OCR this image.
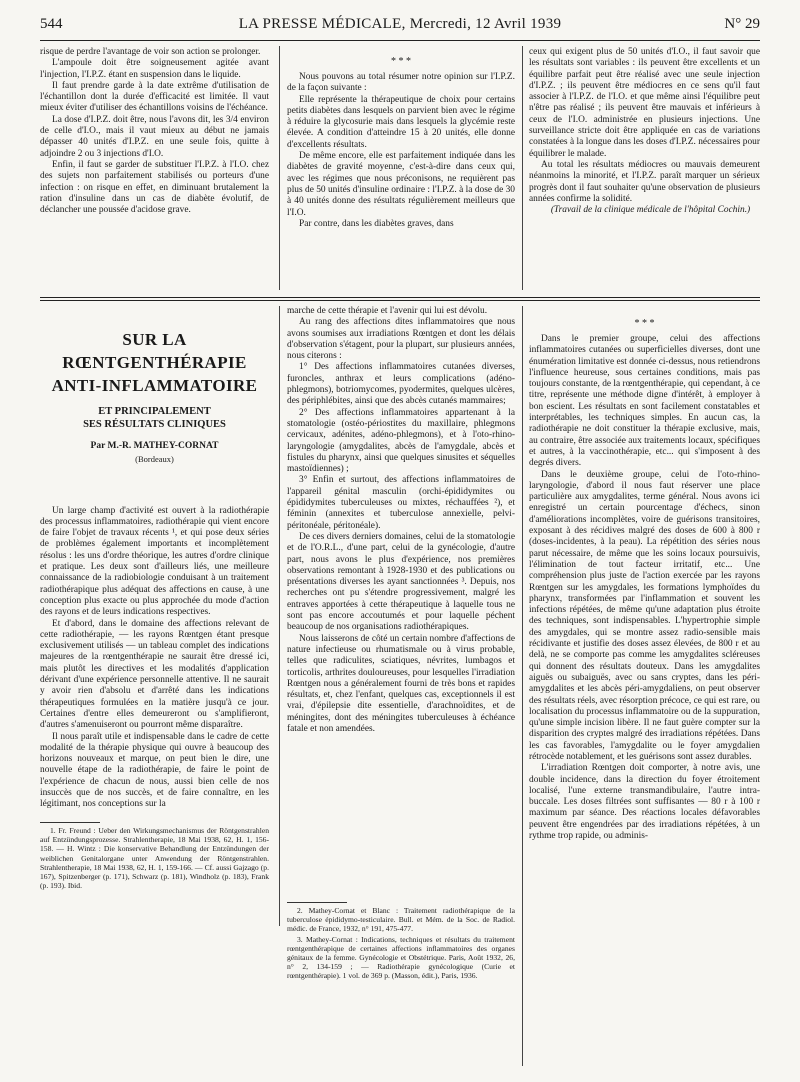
544	LA PRESSE MÉDICALE, Mercredi, 12 Avril 1939	N° 29

risque de perdre l'avantage de voir son action se prolonger.

L'ampoule doit être soigneusement agitée avant l'injection, l'I.P.Z. étant en suspension dans le liquide.

Il faut prendre garde à la date extrême d'utilisation de l'échantillon dont la durée d'efficacité est limitée. Il vaut mieux éviter d'utiliser des échantillons voisins de l'échéance.

La dose d'I.P.Z. doit être, nous l'avons dit, les 3/4 environ de celle d'I.O., mais il vaut mieux au début ne jamais dépasser 40 unités d'I.P.Z. en une seule fois, quitte à adjoindre 2 ou 3 injections d'I.O.

Enfin, il faut se garder de substituer l'I.P.Z. à l'I.O. chez des sujets non parfaitement stabilisés ou porteurs d'une infection : on risque en effet, en diminuant brutalement la ration d'insuline dans un cas de diabète évolutif, de déclancher une poussée d'acidose grave.

* * *

Nous pouvons au total résumer notre opinion sur l'I.P.Z. de la façon suivante :

Elle représente la thérapeutique de choix pour certains petits diabètes dans lesquels on parvient bien avec le régime à réduire la glycosurie mais dans lesquels la glycémie reste élevée. A condition d'atteindre 15 à 20 unités, elle donne d'excellents résultats.

De même encore, elle est parfaitement indiquée dans les diabètes de gravité moyenne, c'est-à-dire dans ceux qui, avec les régimes que nous préconisons, ne requièrent pas plus de 50 unités d'insuline ordinaire : l'I.P.Z. à la dose de 30 à 40 unités donne des résultats régulièrement meilleurs que l'I.O.

Par contre, dans les diabètes graves, dans

ceux qui exigent plus de 50 unités d'I.O., il faut savoir que les résultats sont variables : ils peuvent être excellents et un équilibre parfait peut être réalisé avec une seule injection d'I.P.Z. ; ils peuvent être médiocres en ce sens qu'il faut associer à l'I.P.Z. de l'I.O. et que même ainsi l'équilibre peut n'être pas réalisé ; ils peuvent être mauvais et inférieurs à ceux de l'I.O. administrée en plusieurs injections. Une surveillance stricte doit être appliquée en cas de variations constatées à la longue dans les doses d'I.P.Z. nécessaires pour équilibrer le malade.

Au total les résultats médiocres ou mauvais demeurent néanmoins la minorité, et l'I.P.Z. paraît marquer un sérieux progrès dont il faut souhaiter qu'une observation de plusieurs années confirme la solidité.

(Travail de la clinique médicale de l'hôpital Cochin.)

SUR LA RŒNTGENTHÉRAPIE
ANTI-INFLAMMATOIRE
ET PRINCIPALEMENT
SES RÉSULTATS CLINIQUES
Par M.-R. MATHEY-CORNAT
(Bordeaux)

Un large champ d'activité est ouvert à la radiothérapie des processus inflammatoires, radiothérapie qui vient encore de faire l'objet de travaux récents ¹, et qui pose deux séries de problèmes également importants et incomplètement résolus : les uns d'ordre théorique, les autres d'ordre clinique et pratique. Les deux sont d'ailleurs liés, une meilleure connaissance de la radiobiologie conduisant à un traitement radiothérapique plus adéquat des affections en cause, à une conception plus exacte ou plus approchée du mode d'action des rayons et de leurs indications respectives.

Et d'abord, dans le domaine des affections relevant de cette radiothérapie, — les rayons Rœntgen étant presque exclusivement utilisés — un tableau complet des indications majeures de la rœntgenthérapie ne saurait être dressé ici, mais plutôt les directives et les modalités d'application dérivant d'une expérience personnelle attentive. Il ne saurait y avoir rien d'absolu et d'arrêté dans les indications thérapeutiques formulées en la matière jusqu'à ce jour. Certaines d'entre elles demeureront ou s'amplifieront, d'autres s'amenuiseront ou pourront même disparaître.

Il nous paraît utile et indispensable dans le cadre de cette modalité de la thérapie physique qui ouvre à beaucoup des horizons nouveaux et marque, on peut bien le dire, une nouvelle étape de la radiothérapie, de faire le point de l'expérience de chacun de nous, aussi bien celle de nos insuccès que de nos succès, et de faire connaître, en les légitimant, nos conceptions sur la

1. Fr. Freund : Ueber den Wirkungsmechanismus der Röntgenstrahlen auf Entzündungsprozesse. Strahlentherapie, 18 Mai 1938, 62, H. 1, 156-158. — H. Wintz : Die konservative Behandlung der Entzündungen der weiblichen Genitalorgane unter Anwendung der Röntgenstrahlen. Strahlentherapie, 18 Mai 1938, 62, H. 1, 159-166. — Cf. aussi Gajzago (p. 167), Spitzenberger (p. 171), Schwarz (p. 181), Windholz (p. 183), Frank (p. 193). Ibid.

marche de cette thérapie et l'avenir qui lui est dévolu.

Au rang des affections dites inflammatoires que nous avons soumises aux irradiations Rœntgen et dont les délais d'observation s'étagent, pour la plupart, sur plusieurs années, nous citerons :

1° Des affections inflammatoires cutanées diverses, furoncles, anthrax et leurs complications (adéno-phlegmons), botriomycomes, pyodermites, quelques ulcères, des périphlébites, ainsi que des abcès cutanés mammaires;

2° Des affections inflammatoires appartenant à la stomatologie (ostéo-périostites du maxillaire, phlegmons cervicaux, adénites, adéno-phlegmons), et à l'oto-rhino-laryngologie (amygdalites, abcès de l'amygdale, abcès et fistules du pharynx, ainsi que quelques sinusites et séquelles mastoïdiennes) ;

3° Enfin et surtout, des affections inflammatoires de l'appareil génital masculin (orchi-épididymites ou épididymites tuberculeuses ou mixtes, réchauffées ²), et féminin (annexites et tuberculose annexielle, pelvi-péritonéale, péritonéale).

De ces divers derniers domaines, celui de la stomatologie et de l'O.R.L., d'une part, celui de la gynécologie, d'autre part, nous avons le plus d'expérience, nos premières observations remontant à 1928-1930 et des publications ou présentations diverses les ayant sanctionnées ³. Depuis, nos recherches ont pu s'étendre progressivement, malgré les entraves apportées à cette thérapeutique à laquelle tous ne sont pas encore accoutumés et pour laquelle péchent beaucoup de nos organisations radiothérapiques.

Nous laisserons de côté un certain nombre d'affections de nature infectieuse ou rhumatismale ou à virus probable, telles que radiculites, sciatiques, névrites, lumbagos et torticolis, arthrites douloureuses, pour lesquelles l'irradiation Rœntgen nous a généralement fourni de très bons et rapides résultats, et, chez l'enfant, quelques cas, exceptionnels il est vrai, d'épilepsie dite essentielle, d'arachnoïdites, et de méningites, dont des méningites tuberculeuses à échéance fatale et non amendées.

2. Mathey-Cornat et Blanc : Traitement radiothérapique de la tuberculose épididymo-testiculaire. Bull. et Mém. de la Soc. de Radiol. médic. de France, 1932, n° 191, 475-477.

3. Mathey-Cornat : Indications, techniques et résultats du traitement rœntgenthérapique de certaines affections inflammatoires des organes génitaux de la femme. Gynécologie et Obstétrique. Paris, Août 1932, 26, n° 2, 134-159 ; — Radiothérapie gynécologique (Curie et rœntgenthérapie). 1 vol. de 369 p. (Masson, édit.), Paris, 1936.

* * *

Dans le premier groupe, celui des affections inflammatoires cutanées ou superficielles diverses, dont une énumération limitative est donnée ci-dessus, nous retiendrons l'influence heureuse, sous certaines conditions, mais pas toujours constante, de la rœntgenthérapie, qui cependant, à ce titre, représente une méthode digne d'intérêt, à employer à bon escient. Les résultats en sont facilement constatables et interprétables, les techniques simples. En aucun cas, la radiothérapie ne doit constituer la thérapie exclusive, mais, au contraire, être associée aux traitements locaux, spécifiques et autres, à la vaccinothérapie, etc... qui s'imposent à des degrés divers.

Dans le deuxième groupe, celui de l'oto-rhino-laryngologie, d'abord il nous faut réserver une place particulière aux amygdalites, terme général. Nous avons ici enregistré un certain pourcentage d'échecs, sinon d'améliorations incomplètes, voire de guérisons transitoires, exposant à des récidives malgré des doses de 600 à 800 r (doses-incidentes, à la peau). La répétition des séries nous parut nécessaire, de même que les soins locaux poursuivis, l'élimination de tout facteur irritatif, etc... Une compréhension plus juste de l'action exercée par les rayons Rœntgen sur les amygdales, les formations lymphoïdes du pharynx, transformées par l'inflammation et souvent les infections répétées, de même qu'une adaptation plus étroite des techniques, sont indispensables. L'hypertrophie simple des amygdales, qui se montre assez radio-sensible mais récidivante et justifie des doses assez élevées, de 800 r et au delà, ne se comporte pas comme les amygdalites scléreuses qui donnent des résultats douteux. Dans les amygdalites aiguës ou subaiguës, avec ou sans cryptes, dans les péri-amygdalites et les abcès péri-amygdaliens, on peut observer des résultats réels, avec résorption précoce, ce qui est rare, ou localisation du processus inflammatoire ou de la suppuration, qu'une simple incision libère. Il ne faut guère compter sur la disparition des cryptes malgré des irradiations répétées. Dans les cas favorables, l'amygdalite ou le foyer amygdalien rétrocède notablement, et les guérisons sont assez durables.

L'irradiation Rœntgen doit comporter, à notre avis, une double incidence, dans la direction du foyer étroitement localisé, l'une externe transmandibulaire, l'autre intra-buccale. Les doses filtrées sont suffisantes — 80 r à 100 r maximum par séance. Des réactions locales défavorables peuvent être engendrées par des irradiations répétées, à un rythme trop rapide, ou adminis-
